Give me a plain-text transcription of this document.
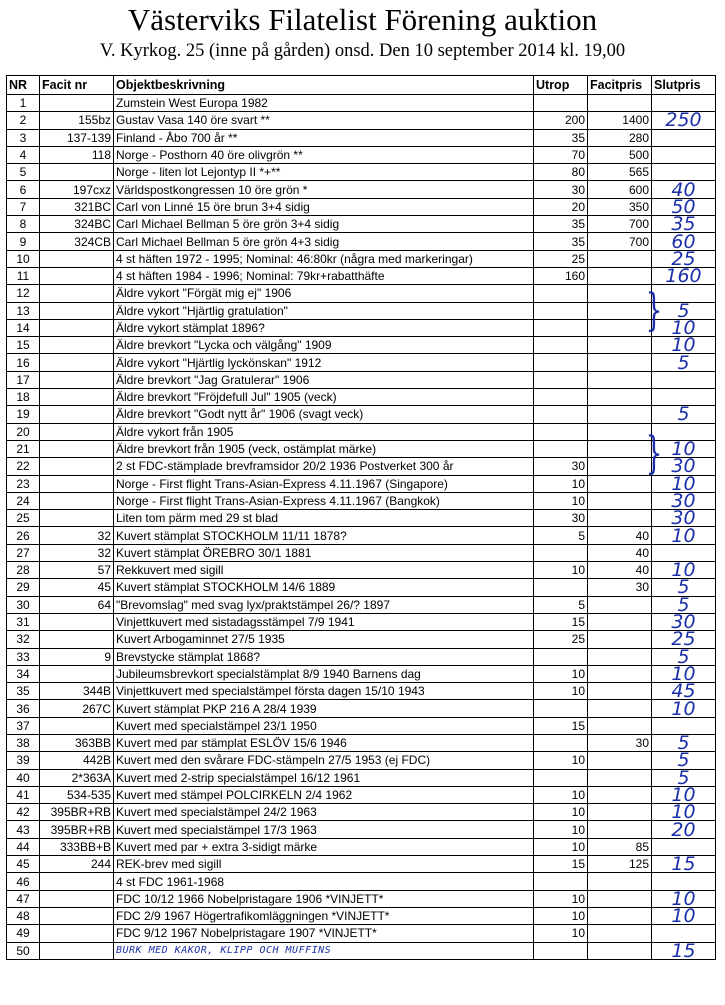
Västerviks Filatelist Förening auktion
V. Kyrkog. 25 (inne på gården) onsd. Den 10 september 2014 kl. 19,00
NR	Facit nr	Objektbeskrivning	Utrop	Facitpris	Slutpris
1		Zumstein West Europa 1982			
2	155bz	Gustav Vasa 140 öre svart **	200	1400	250
3	137-139	Finland - Åbo 700 år **	35	280	
4	118	Norge - Posthorn 40 öre olivgrön **	70	500	
5		Norge - liten lot Lejontyp II *+**	80	565	
6	197cxz	Världspostkongressen 10 öre grön *	30	600	40
7	321BC	Carl von Linné 15 öre brun 3+4 sidig	20	350	50
8	324BC	Carl Michael Bellman 5 öre grön 3+4 sidig	35	700	35
9	324CB	Carl Michael Bellman 5 öre grön 4+3 sidig	35	700	60
10		4 st häften 1972 - 1995; Nominal: 46:80kr (några med markeringar)	25		25
11		4 st häften 1984 - 1996; Nominal: 79kr+rabatthäfte	160		160
12		Äldre vykort "Förgät mig ej" 1906			
13		Äldre vykort "Hjärtlig gratulation"			5
14		Äldre vykort stämplat 1896?			10
15		Äldre brevkort "Lycka och välgång" 1909			10
16		Äldre vykort "Hjärtlig lyckönskan" 1912			5
17		Äldre brevkort "Jag Gratulerar" 1906			
18		Äldre brevkort "Fröjdefull Jul" 1905 (veck)			
19		Äldre brevkort "Godt nytt år" 1906 (svagt veck)			5
20		Äldre vykort från 1905			
21		Äldre brevkort från 1905 (veck, ostämplat märke)			10
22		2 st FDC-stämplade brevframsidor 20/2 1936 Postverket 300 år	30		30
23		Norge - First flight Trans-Asian-Express 4.11.1967 (Singapore)	10		10
24		Norge - First flight Trans-Asian-Express 4.11.1967 (Bangkok)	10		30
25		Liten tom pärm med 29 st blad	30		30
26	32	Kuvert stämplat STOCKHOLM 11/11 1878?	5	40	10
27	32	Kuvert stämplat ÖREBRO 30/1 1881		40	
28	57	Rekkuvert med sigill	10	40	10
29	45	Kuvert stämplat STOCKHOLM 14/6 1889		30	5
30	64	"Brevomslag" med svag lyx/praktstämpel 26/? 1897	5		5
31		Vinjettkuvert med sistadagsstämpel 7/9 1941	15		30
32		Kuvert Arbogaminnet 27/5 1935	25		25
33	9	Brevstycke stämplat 1868?			5
34		Jubileumsbrevkort specialstämplat 8/9 1940 Barnens dag	10		10
35	344B	Vinjettkuvert med specialstämpel första dagen 15/10 1943	10		45
36	267C	Kuvert stämplat PKP 216 A 28/4 1939			10
37		Kuvert med specialstämpel 23/1 1950	15		
38	363BB	Kuvert med par stämplat ESLÖV 15/6 1946		30	5
39	442B	Kuvert med den svårare FDC-stämpeln 27/5 1953 (ej FDC)	10		5
40	2*363A	Kuvert med 2-strip specialstämpel 16/12 1961			5
41	534-535	Kuvert med stämpel POLCIRKELN 2/4 1962	10		10
42	395BR+RB	Kuvert med specialstämpel 24/2 1963	10		10
43	395BR+RB	Kuvert med specialstämpel 17/3 1963	10		20
44	333BB+B	Kuvert med par + extra 3-sidigt märke	10	85	
45	244	REK-brev med sigill	15	125	15
46		4 st FDC 1961-1968			
47		FDC 10/12 1966 Nobelpristagare 1906 *VINJETT*	10		10
48		FDC 2/9 1967 Högertrafikomläggningen *VINJETT*	10		10
49		FDC 9/12 1967 Nobelpristagare 1907 *VINJETT*	10		
50		BURK MED KAKOR, KLIPP OCH MUFFINS			15
}
}
